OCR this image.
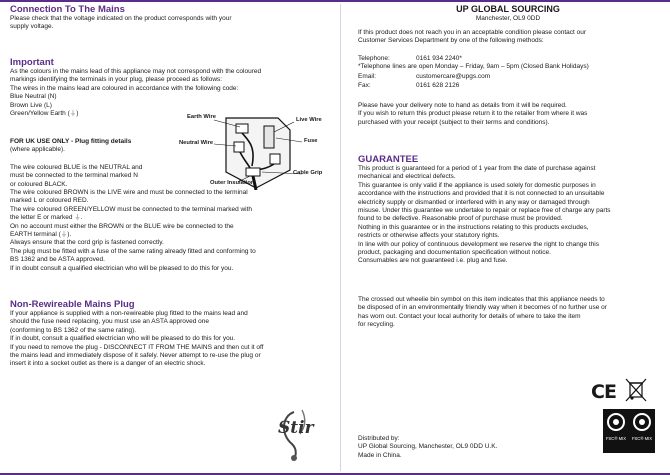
Connection To The Mains

Please check that the voltage indicated on the product corresponds with your

supply voltage.

Important

As the colours in the mains lead of this appliance may not correspond with the coloured

markings identifying the terminals in your plug, please proceed as follows:

The wires in the mains lead are coloured in accordance with the following code:

Blue Neutral (N)

Brown Live (L)

Green/Yellow Earth (⏚)

FOR UK USE ONLY - Plug fitting details

(where applicable).

The wire coloured BLUE is the NEUTRAL and

must be connected to the terminal marked N

or coloured BLACK.

Earth Wire	Live Wire
Neutral Wire	Fuse
Cable Grip
Outer Insulation

The wire coloured BROWN is the LIVE wire and must be connected to the terminal

marked L or coloured RED.

The wire coloured GREEN/YELLOW must be connected to the terminal marked with

the letter E or marked ⏚.

On no account must either the BROWN or the BLUE wire be connected to the

EARTH terminal (⏚).

Always ensure that the cord grip is fastened correctly.

The plug must be fitted with a fuse of the same rating already fitted and conforming to

BS 1362 and be ASTA approved.

If in doubt consult a qualified electrician who will be pleased to do this for you.

Non-Rewireable Mains Plug

If your appliance is supplied with a non-rewireable plug fitted to the mains lead and

should the fuse need replacing, you must use an ASTA approved one

(conforming to BS 1362 of the same rating).

If in doubt, consult a qualified electrician who will be pleased to do this for you.

If you need to remove the plug - DISCONNECT IT FROM THE MAINS and then cut it off

the mains lead and immediately dispose of it safely. Never attempt to re-use the plug or

insert it into a socket outlet as there is a danger of an electric shock.

Stir

UP GLOBAL SOURCING

Manchester, OL9 0DD

If this product does not reach you in an acceptable condition please contact our

Customer Services Department by one of the following methods:

Telephone:	0161 934 2240*
*Telephone lines are open Monday – Friday, 9am – 5pm (Closed Bank Holidays)
Email:	customercare@upgs.com
Fax:	0161 628 2126

Please have your delivery note to hand as details from it will be required.

If you wish to return this product please return it to the retailer from where it was

purchased with your receipt (subject to their terms and conditions).

GUARANTEE

This product is guaranteed for a period of 1 year from the date of purchase against

mechanical and electrical defects.

This guarantee is only valid if the appliance is used solely for domestic purposes in

accordance with the instructions and provided that it is not connected to an unsuitable

electricity supply or dismantled or interfered with in any way or damaged through

misuse. Under this guarantee we undertake to repair or replace free of charge any parts

found to be defective. Reasonable proof of purchase must be provided.

Nothing in this guarantee or in the instructions relating to this products excludes,

restricts or otherwise affects your statutory rights.

In line with our policy of continuous development we reserve the right to change this

product, packaging and documentation specification without notice.

Consumables are not guaranteed i.e. plug and fuse.

The crossed out wheelie bin symbol on this item indicates that this appliance needs to

be disposed of in an environmentally friendly way when it becomes of no further use or

has worn out. Contact your local authority for details of where to take the item

for recycling.

Distributed by:

UP Global Sourcing, Manchester, OL9 0DD U.K.

Made in China.

CE
FSC® MIX FSC® MIX
